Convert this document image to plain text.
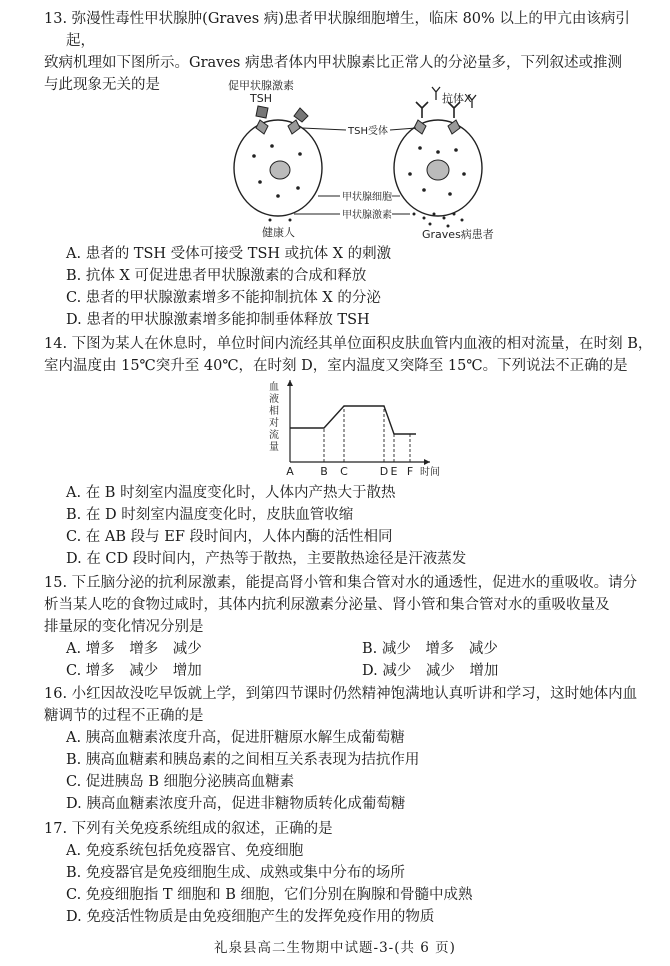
13. 弥漫性毒性甲状腺肿(Graves 病)患者甲状腺细胞增生，临床 80% 以上的甲亢由该病引起，
致病机理如下图所示。Graves 病患者体内甲状腺素比正常人的分泌量多，下列叙述或推测
与此现象无关的是	促甲状腺激素
TSH	抗体X
TSH受体
甲状腺细胞
甲状腺激素
健康人	Graves病患者
A. 患者的 TSH 受体可接受 TSH 或抗体 X 的刺激
B. 抗体 X 可促进患者甲状腺激素的合成和释放
C. 患者的甲状腺激素增多不能抑制抗体 X 的分泌
D. 患者的甲状腺激素增多能抑制垂体释放 TSH
14. 下图为某人在休息时，单位时间内流经其单位面积皮肤血管内血液的相对流量，在时刻 B，
室内温度由 15℃突升至 40℃，在时刻 D，室内温度又突降至 15℃。下列说法不正确的是
血
液
相
对
流
量
A B C	D E F 时间
A. 在 B 时刻室内温度变化时，人体内产热大于散热
B. 在 D 时刻室内温度变化时，皮肤血管收缩
C. 在 AB 段与 EF 段时间内，人体内酶的活性相同
D. 在 CD 段时间内，产热等于散热，主要散热途径是汗液蒸发
15. 下丘脑分泌的抗利尿激素，能提高肾小管和集合管对水的通透性，促进水的重吸收。请分
析当某人吃的食物过咸时，其体内抗利尿激素分泌量、肾小管和集合管对水的重吸收量及
排量尿的变化情况分别是
A. 增多　增多　减少	B. 减少　增多　减少
C. 增多　减少　增加	D. 减少　减少　增加
16. 小红因故没吃早饭就上学，到第四节课时仍然精神饱满地认真听讲和学习，这时她体内血
糖调节的过程不正确的是
A. 胰高血糖素浓度升高，促进肝糖原水解生成葡萄糖
B. 胰高血糖素和胰岛素的之间相互关系表现为拮抗作用
C. 促进胰岛 B 细胞分泌胰高血糖素
D. 胰高血糖素浓度升高，促进非糖物质转化成葡萄糖
17. 下列有关免疫系统组成的叙述，正确的是
A. 免疫系统包括免疫器官、免疫细胞
B. 免疫器官是免疫细胞生成、成熟或集中分布的场所
C. 免疫细胞指 T 细胞和 B 细胞，它们分别在胸腺和骨髓中成熟
D. 免疫活性物质是由免疫细胞产生的发挥免疫作用的物质
礼泉县高二生物期中试题-3-(共 6 页)
